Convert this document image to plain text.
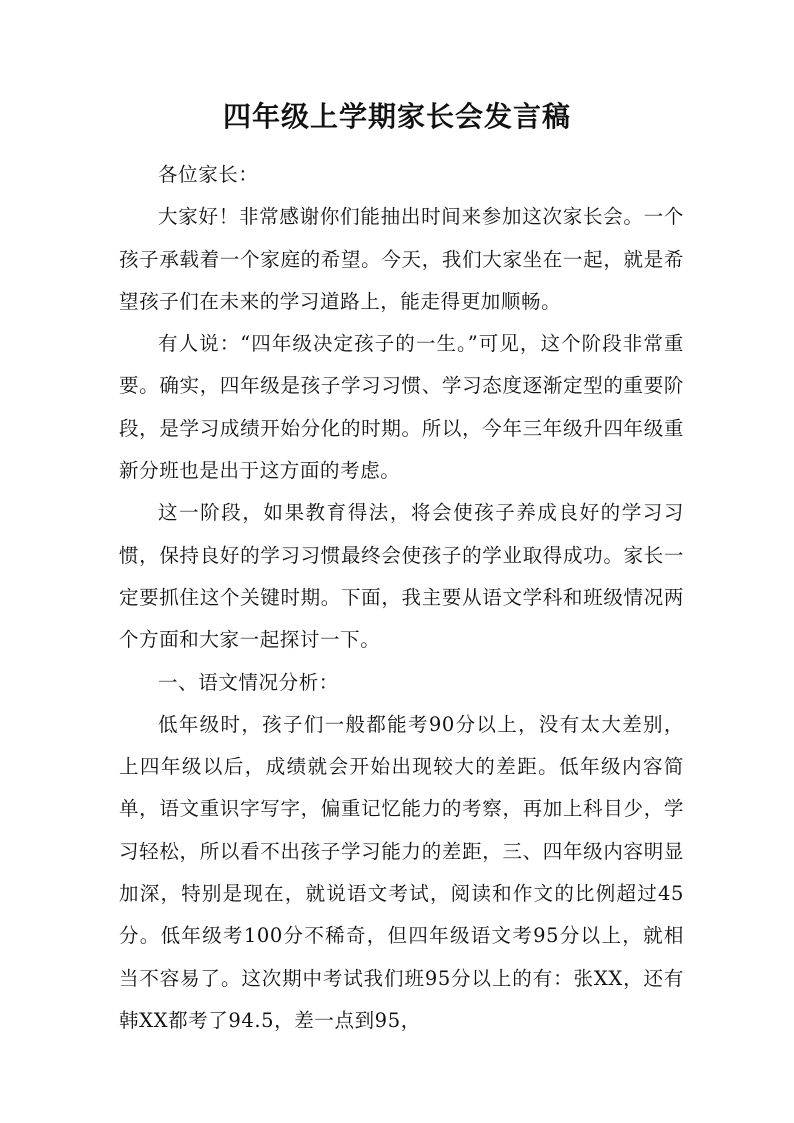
四年级上学期家长会发言稿

各位家长：

大家好！非常感谢你们能抽出时间来参加这次家长会。一个孩子承载着一个家庭的希望。今天，我们大家坐在一起，就是希望孩子们在未来的学习道路上，能走得更加顺畅。

有人说：“四年级决定孩子的一生。”可见，这个阶段非常重要。确实，四年级是孩子学习习惯、学习态度逐渐定型的重要阶段，是学习成绩开始分化的时期。所以，今年三年级升四年级重新分班也是出于这方面的考虑。

这一阶段，如果教育得法，将会使孩子养成良好的学习习惯，保持良好的学习习惯最终会使孩子的学业取得成功。家长一定要抓住这个关键时期。下面，我主要从语文学科和班级情况两个方面和大家一起探讨一下。

一、语文情况分析：

低年级时，孩子们一般都能考90分以上，没有太大差别，上四年级以后，成绩就会开始出现较大的差距。低年级内容简单，语文重识字写字，偏重记忆能力的考察，再加上科目少，学习轻松，所以看不出孩子学习能力的差距，三、四年级内容明显加深，特别是现在，就说语文考试，阅读和作文的比例超过45分。低年级考100分不稀奇，但四年级语文考95分以上，就相当不容易了。这次期中考试我们班95分以上的有：张XX，还有韩XX都考了94.5，差一点到95，
